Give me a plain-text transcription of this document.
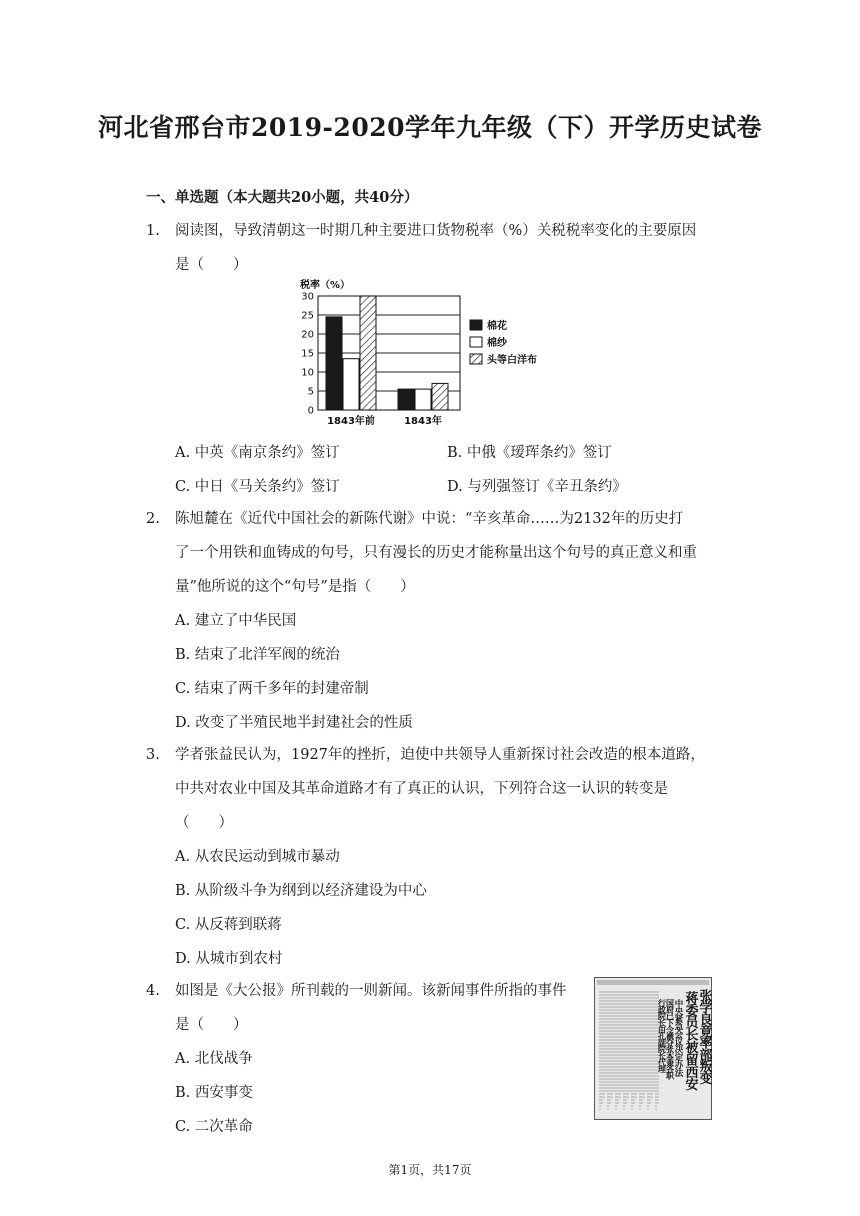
河北省邢台市2019-2020学年九年级（下）开学历史试卷
一、单选题（本大题共20小题，共40分）
1. 阅读图，导致清朝这一时期几种主要进口货物税率（%）关税税率变化的主要原因
是（　　）
税率（%）
0
5
10
15
20
25
30
1843年前	1843年
棉花
棉纱
头等白洋布
A. 中英《南京条约》签订	B. 中俄《瑷珲条约》签订
C. 中日《马关条约》签订	D. 与列强签订《辛丑条约》
2. 陈旭麓在《近代中国社会的新陈代谢》中说：“辛亥革命……为2132年的历史打
了一个用铁和血铸成的句号，只有漫长的历史才能称量出这个句号的真正意义和重
量”他所说的这个“句号”是指（　　）
A. 建立了中华民国
B. 结束了北洋军阀的统治
C. 结束了两千多年的封建帝制
D. 改变了半殖民地半封建社会的性质
3. 学者张益民认为，1927年的挫折，迫使中共领导人重新探讨社会改造的根本道路，
中共对农业中国及其革命道路才有了真正的认识，下列符合这一认识的转变是
（　　）
A. 从农民运动到城市暴动
B. 从阶级斗争为纲到以经济建设为中心
C. 从反蒋到联蒋
D. 从城市到农村
4. 如图是《大公报》所刊载的一则新闻。该新闻事件所指的事件
是（　　）
A. 北伐战争
B. 西安事变
C. 二次革命
张学良竟率部叛变
蒋委员长被留西安
中央紧急会议决定办法
国府已下令褫夺张本兼各职
行政院长由孔副院长代理
第1页，共17页
